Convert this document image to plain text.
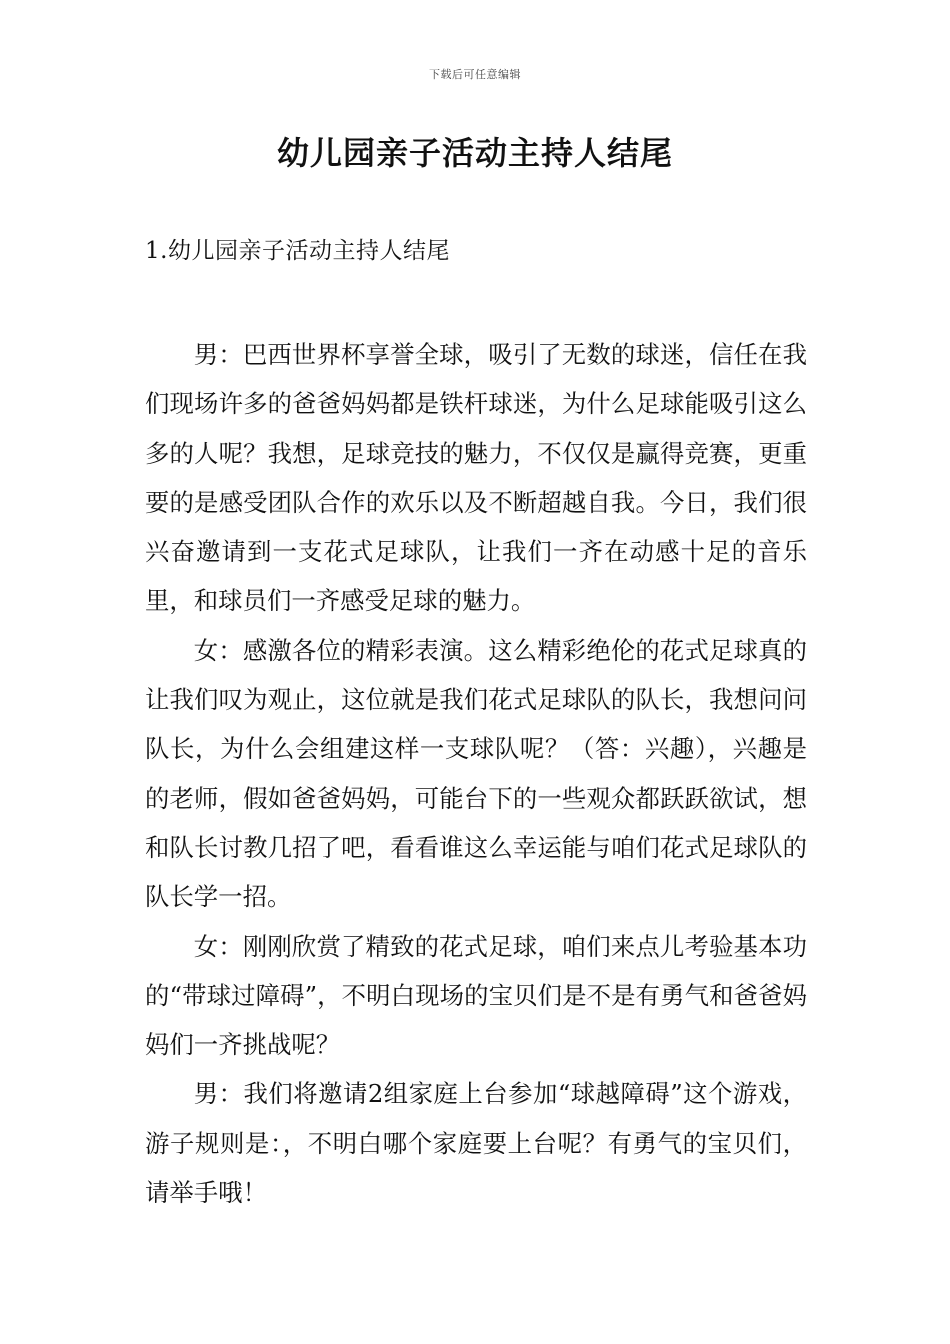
下载后可任意编辑
幼儿园亲子活动主持人结尾
1.幼儿园亲子活动主持人结尾

男：巴西世界杯享誉全球，吸引了无数的球迷，信任在我们现场许多的爸爸妈妈都是铁杆球迷，为什么足球能吸引这么多的人呢？我想，足球竞技的魅力，不仅仅是赢得竞赛，更重要的是感受团队合作的欢乐以及不断超越自我。今日，我们很兴奋邀请到一支花式足球队，让我们一齐在动感十足的音乐里，和球员们一齐感受足球的魅力。

女：感激各位的精彩表演。这么精彩绝伦的花式足球真的让我们叹为观止，这位就是我们花式足球队的队长，我想问问队长，为什么会组建这样一支球队呢？（答：兴趣），兴趣是的老师，假如爸爸妈妈，可能台下的一些观众都跃跃欲试，想和队长讨教几招了吧，看看谁这么幸运能与咱们花式足球队的队长学一招。

女：刚刚欣赏了精致的花式足球，咱们来点儿考验基本功的“带球过障碍”，不明白现场的宝贝们是不是有勇气和爸爸妈妈们一齐挑战呢？

男：我们将邀请2组家庭上台参加“球越障碍”这个游戏，游子规则是：，不明白哪个家庭要上台呢？有勇气的宝贝们，请举手哦！
